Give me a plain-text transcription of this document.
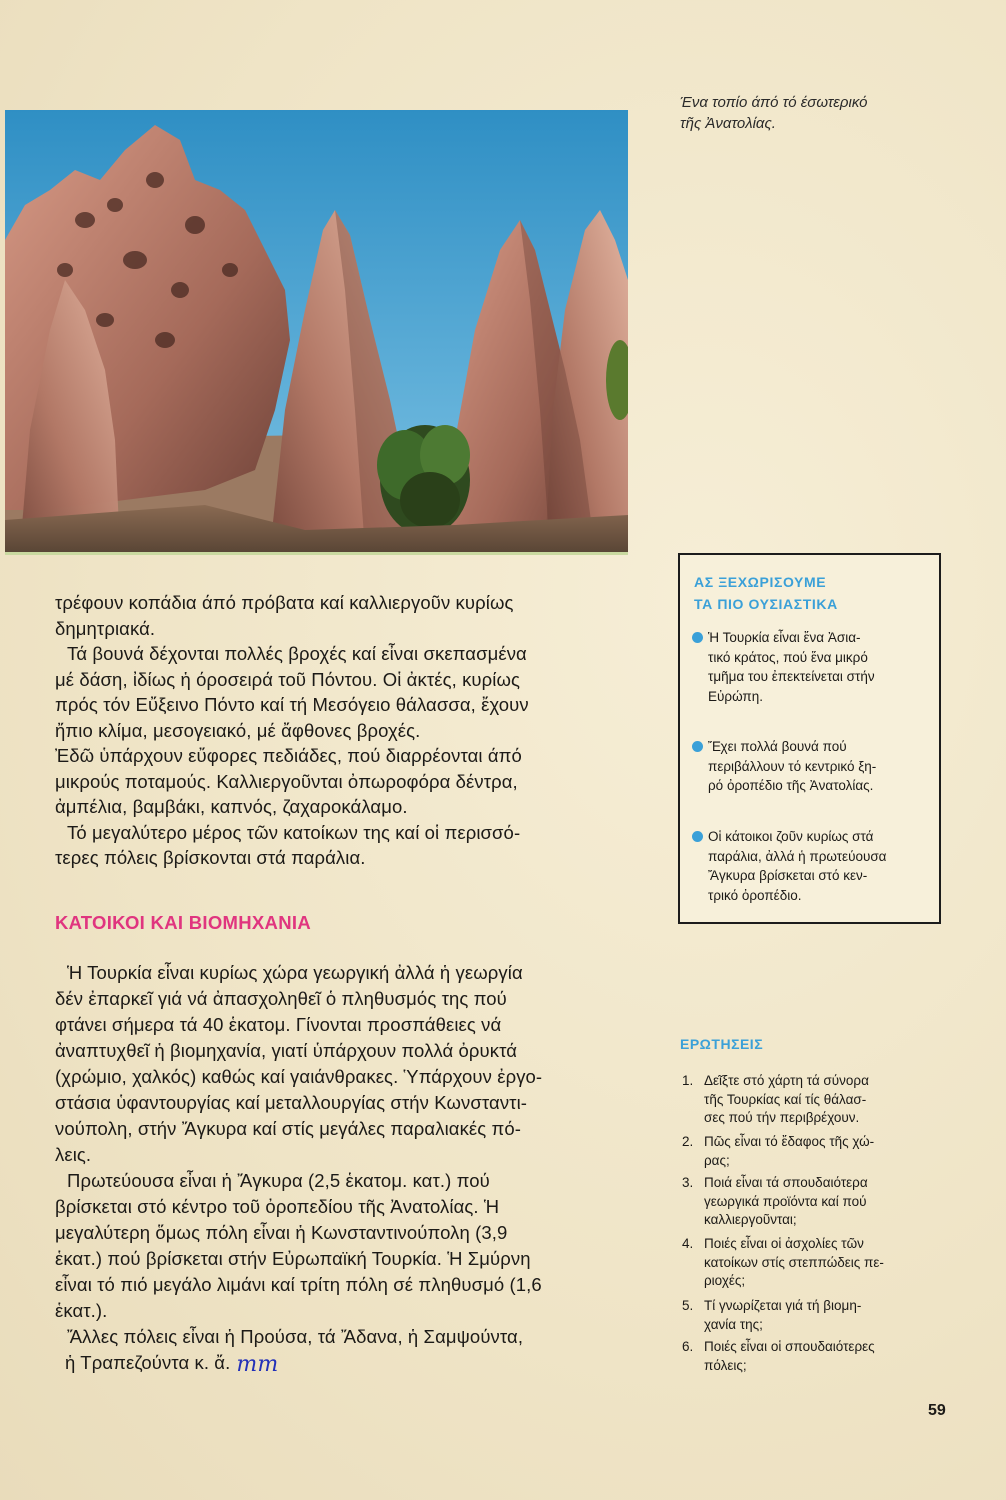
Ένα τοπίο άπό τό έσωτερικό
τῆς Ἀνατολίας.

τρέφουν κοπάδια άπό πρόβατα καί καλλιεργοῦν κυρίως
δημητριακά.

Τά βουνά δέχονται πολλές βροχές καί εἶναι σκεπασμένα
μέ δάση, ἰδίως ἡ όροσειρά τοῦ Πόντου. Οἱ ἀκτές, κυρίως
πρός τόν Εὔξεινο Πόντο καί τή Μεσόγειο θάλασσα, ἔχουν
ἤπιο κλίμα, μεσογειακό, μέ ἄφθονες βροχές.

Ἐδῶ ὑπάρχουν εὔφορες πεδιάδες, πού διαρρέονται άπό
μικρούς ποταμούς. Καλλιεργοῦνται ὀπωροφόρα δέντρα,
ἀμπέλια, βαμβάκι, καπνός, ζαχαροκάλαμο.

Τό μεγαλύτερο μέρος τῶν κατοίκων της καί οἱ περισσό-
τερες πόλεις βρίσκονται στά παράλια.

ΚΑΤΟΙΚΟΙ ΚΑΙ ΒΙΟΜΗΧΑΝΙΑ

Ἡ Τουρκία εἶναι κυρίως χώρα γεωργική ἀλλά ἡ γεωργία
δέν ἐπαρκεῖ γιά νά ἀπασχοληθεῖ ὁ πληθυσμός της πού
φτάνει σήμερα τά 40 ἑκατομ. Γίνονται προσπάθειες νά
ἀναπτυχθεῖ ἡ βιομηχανία, γιατί ὑπάρχουν πολλά ὀρυκτά
(χρώμιο, χαλκός) καθώς καί γαιάνθρακες. Ὑπάρχουν ἐργο-
στάσια ὑφαντουργίας καί μεταλλουργίας στήν Κωνσταντι-
νούπολη, στήν Ἄγκυρα καί στίς μεγάλες παραλιακές πό-
λεις.

Πρωτεύουσα εἶναι ἡ Ἄγκυρα (2,5 ἑκατομ. κατ.) πού
βρίσκεται στό κέντρο τοῦ ὀροπεδίου τῆς Ἀνατολίας. Ἡ
μεγαλύτερη ὅμως πόλη εἶναι ἡ Κωνσταντινούπολη (3,9
ἑκατ.) πού βρίσκεται στήν Εὐρωπαϊκή Τουρκία. Ἡ Σμύρνη
εἶναι τό πιό μεγάλο λιμάνι καί τρίτη πόλη σέ πληθυσμό (1,6
ἑκατ.).

Ἄλλες πόλεις εἶναι ἡ Προύσα, τά Ἄδανα, ἡ Σαμψούντα,
ἡ Τραπεζούντα κ. ἄ. mm

ΑΣ ΞΕΧΩΡΙΣΟΥΜΕ
ΤΑ ΠΙΟ ΟΥΣΙΑΣΤΙΚΑ
Ἡ Τουρκία εἶναι ἕνα Ἀσια-
τικό κράτος, πού ἕνα μικρό
τμῆμα του ἐπεκτείνεται στήν
Εὐρώπη.
Ἔχει πολλά βουνά πού
περιβάλλουν τό κεντρικό ξη-
ρό ὀροπέδιο τῆς Ἀνατολίας.
Οἱ κάτοικοι ζοῦν κυρίως στά
παράλια, ἀλλά ἡ πρωτεύουσα
Ἄγκυρα βρίσκεται στό κεν-
τρικό ὀροπέδιο.
ΕΡΩΤΗΣΕΙΣ
1. Δεῖξτε στό χάρτη τά σύνορα
τῆς Τουρκίας καί τίς θάλασ-
σες πού τήν περιβρέχουν.
2. Πῶς εἶναι τό ἔδαφος τῆς χώ-
ρας;
3. Ποιά εἶναι τά σπουδαιότερα
γεωργικά προϊόντα καί πού
καλλιεργοῦνται;
4. Ποιές εἶναι οἱ ἀσχολίες τῶν
κατοίκων στίς στεππώδεις πε-
ριοχές;
5. Τί γνωρίζεται γιά τή βιομη-
χανία της;
6. Ποιές εἶναι οἱ σπουδαιότερες
πόλεις;
59
